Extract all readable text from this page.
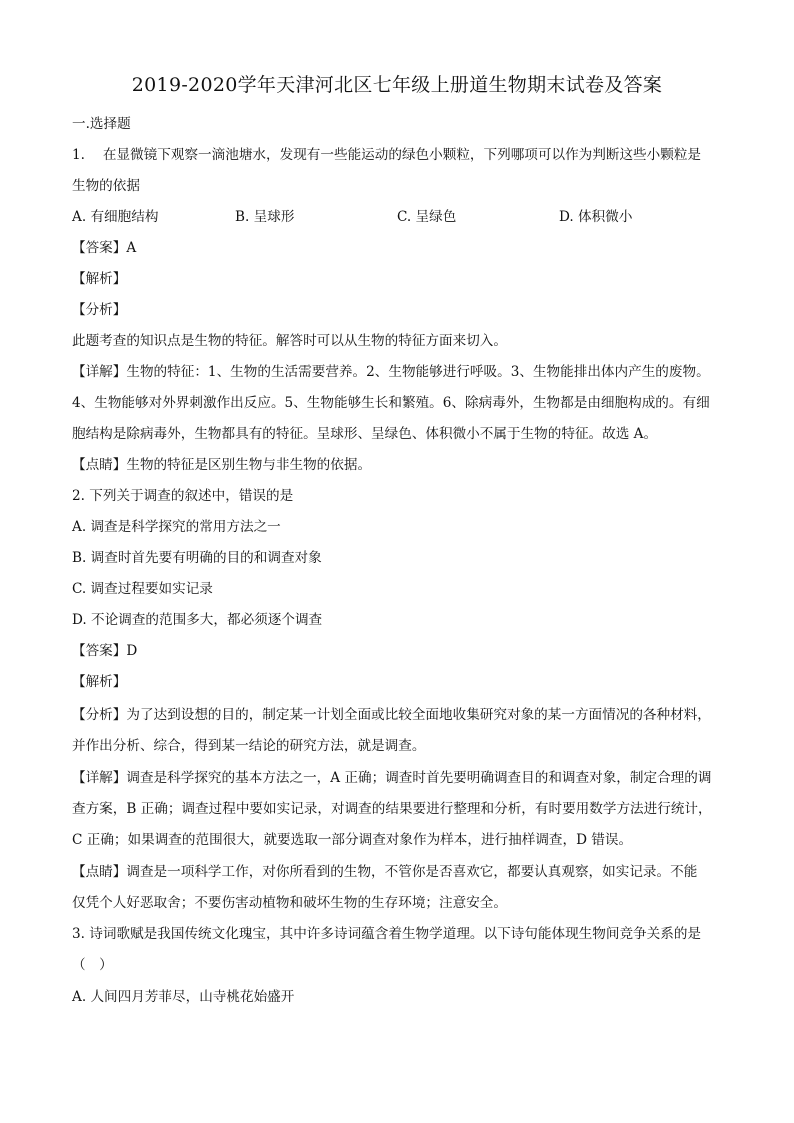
2019-2020学年天津河北区七年级上册道生物期末试卷及答案
一.选择题
1.　 在显微镜下观察一滴池塘水，发现有一些能运动的绿色小颗粒，下列哪项可以作为判断这些小颗粒是
生物的依据
A. 有细胞结构	B. 呈球形	C. 呈绿色	D. 体积微小
【答案】A
【解析】
【分析】
此题考查的知识点是生物的特征。解答时可以从生物的特征方面来切入。
【详解】生物的特征：1、生物的生活需要营养。2、生物能够进行呼吸。3、生物能排出体内产生的废物。
4、生物能够对外界刺激作出反应。5、生物能够生长和繁殖。6、除病毒外，生物都是由细胞构成的。有细
胞结构是除病毒外，生物都具有的特征。呈球形、呈绿色、体积微小不属于生物的特征。故选 A。
【点睛】生物的特征是区别生物与非生物的依据。
2. 下列关于调查的叙述中，错误的是
A. 调查是科学探究的常用方法之一
B. 调查时首先要有明确的目的和调查对象
C. 调查过程要如实记录
D. 不论调查的范围多大，都必须逐个调查
【答案】D
【解析】
【分析】为了达到设想的目的，制定某一计划全面或比较全面地收集研究对象的某一方面情况的各种材料，
并作出分析、综合，得到某一结论的研究方法，就是调查。
【详解】调查是科学探究的基本方法之一，A 正确；调查时首先要明确调查目的和调查对象，制定合理的调
查方案，B 正确；调查过程中要如实记录，对调查的结果要进行整理和分析，有时要用数学方法进行统计，
C 正确；如果调查的范围很大，就要选取一部分调查对象作为样本，进行抽样调查，D 错误。
【点睛】调查是一项科学工作，对你所看到的生物，不管你是否喜欢它，都要认真观察，如实记录。不能
仅凭个人好恶取舍；不要伤害动植物和破坏生物的生存环境；注意安全。
3. 诗词歌赋是我国传统文化瑰宝，其中许多诗词蕴含着生物学道理。以下诗句能体现生物间竞争关系的是
（　）
A. 人间四月芳菲尽，山寺桃花始盛开
